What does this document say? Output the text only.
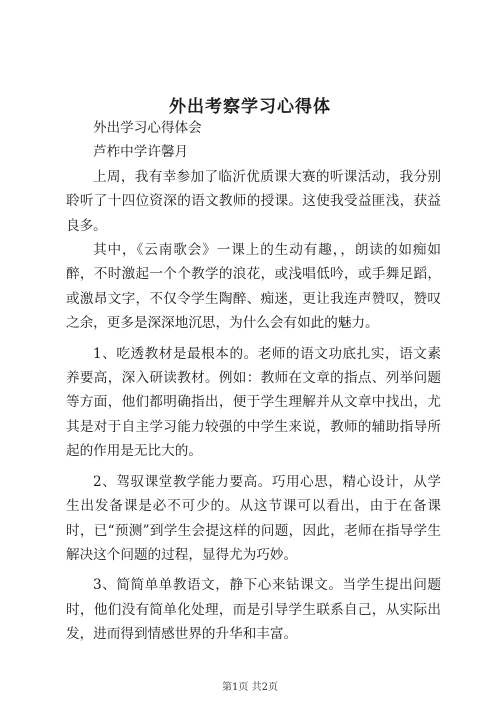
外出考察学习心得体

外出学习心得体会

芦柞中学许馨月

上周，我有幸参加了临沂优质课大赛的听课活动，我分别聆听了十四位资深的语文教师的授课。这使我受益匪浅，获益良多。

其中，《云南歌会》一课上的生动有趣，，朗读的如痴如醉，不时激起一个个教学的浪花，或浅唱低吟，或手舞足蹈，或激昂文字，不仅令学生陶醉、痴迷，更让我连声赞叹，赞叹之余，更多是深深地沉思，为什么会有如此的魅力。

1、吃透教材是最根本的。老师的语文功底扎实，语文素养要高，深入研读教材。例如：教师在文章的指点、列举问题等方面，他们都明确指出，便于学生理解并从文章中找出，尤其是对于自主学习能力较强的中学生来说，教师的辅助指导所起的作用是无比大的。

2、驾驭课堂教学能力要高。巧用心思，精心设计，从学生出发备课是必不可少的。从这节课可以看出，由于在备课时，已“预测”到学生会提这样的问题，因此，老师在指导学生解决这个问题的过程，显得尤为巧妙。

3、简简单单教语文，静下心来钻课文。当学生提出问题时，他们没有简单化处理，而是引导学生联系自己，从实际出发，进而得到情感世界的升华和丰富。

第1页 共2页
